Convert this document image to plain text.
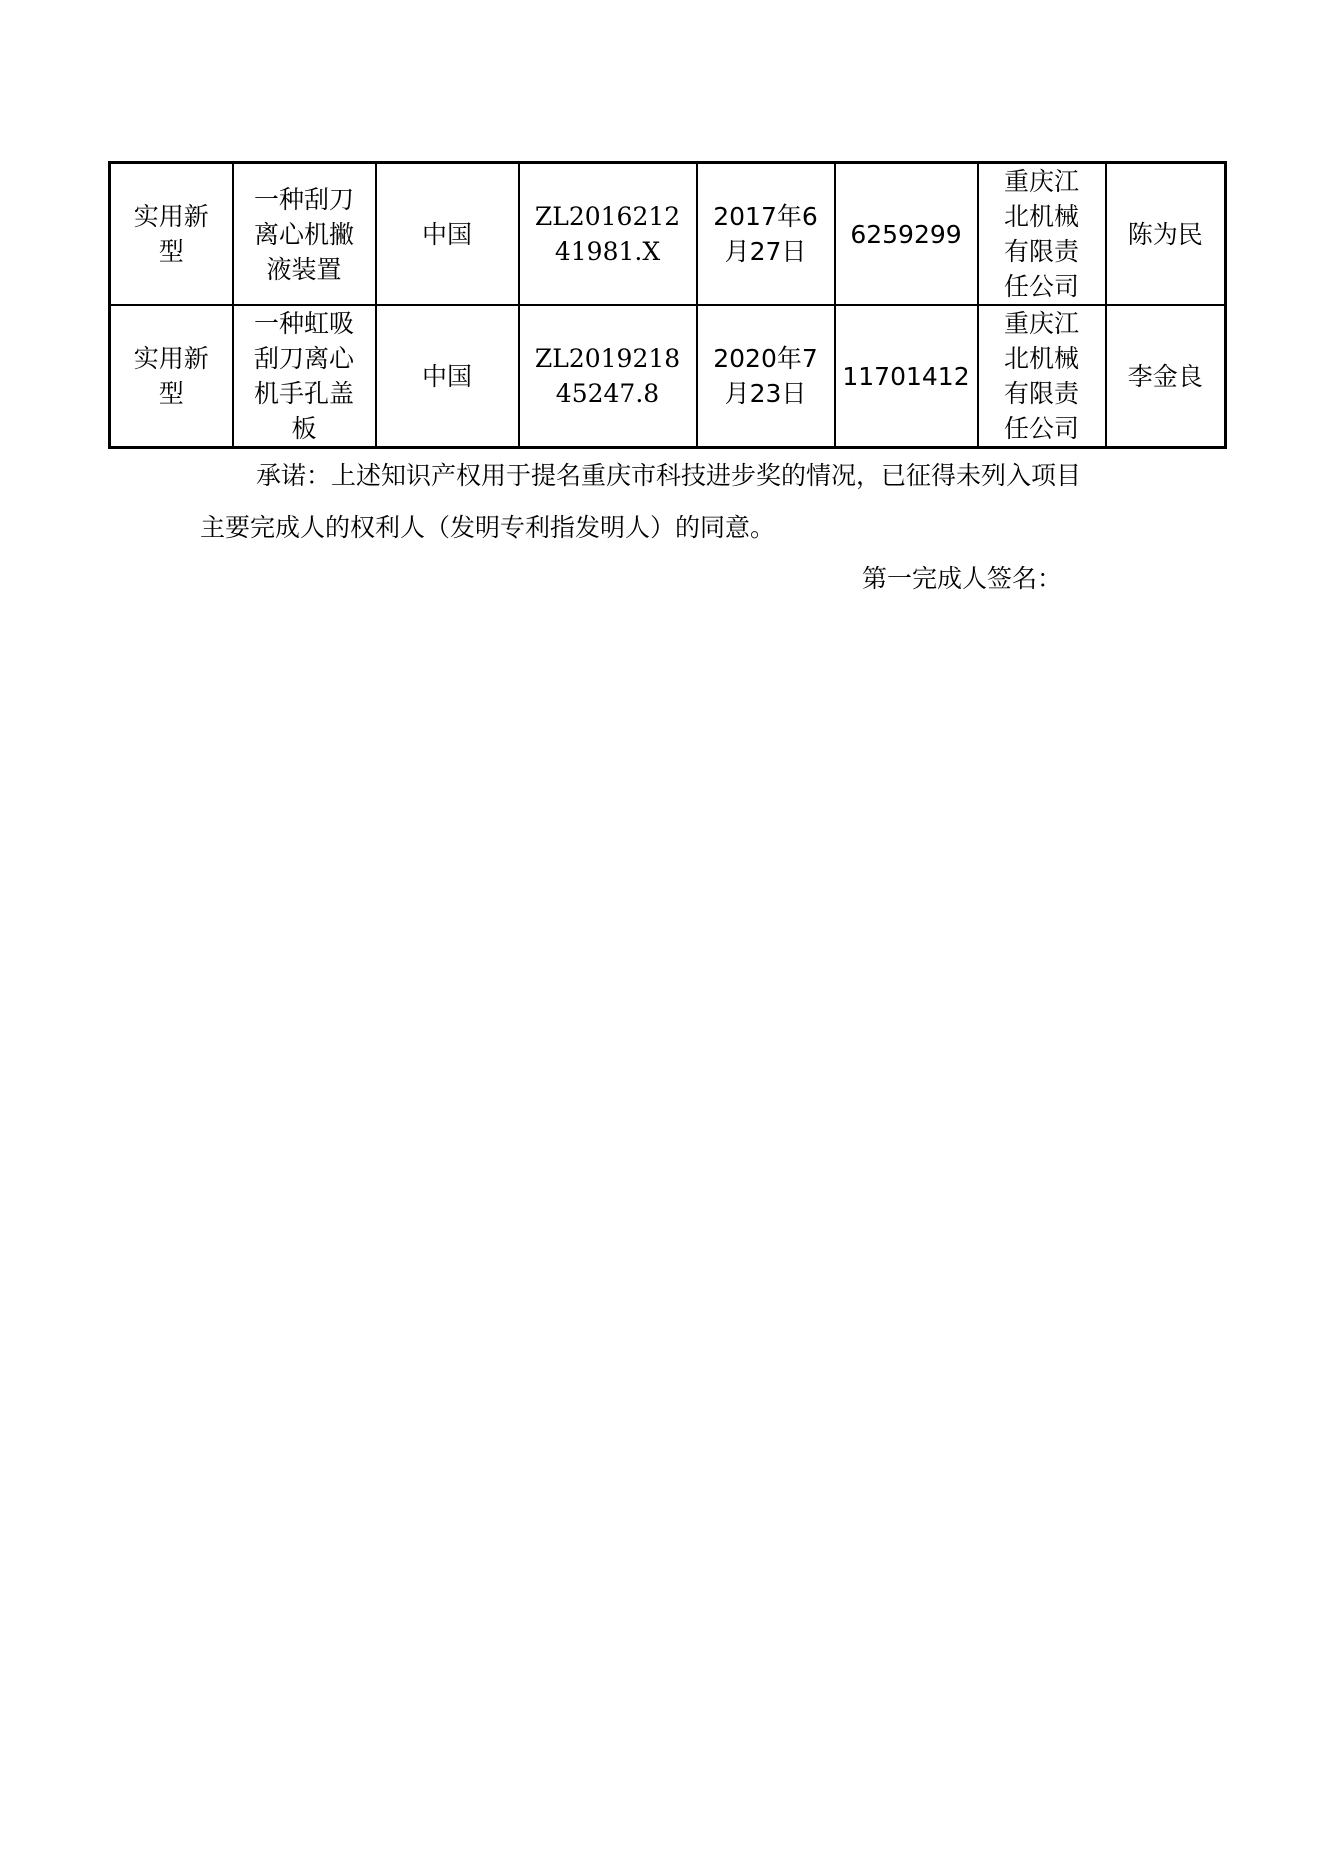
实用新型	一种刮刀离心机撇液装置	中国	ZL201621241981.X	2017年6月27日	6259299	重庆江北机械有限责任公司	陈为民
实用新型	一种虹吸刮刀离心机手孔盖板	中国	ZL201921845247.8	2020年7月23日	11701412	重庆江北机械有限责任公司	李金良
承诺：上述知识产权用于提名重庆市科技进步奖的情况，已征得未列入项目
主要完成人的权利人（发明专利指发明人）的同意。
第一完成人签名：
